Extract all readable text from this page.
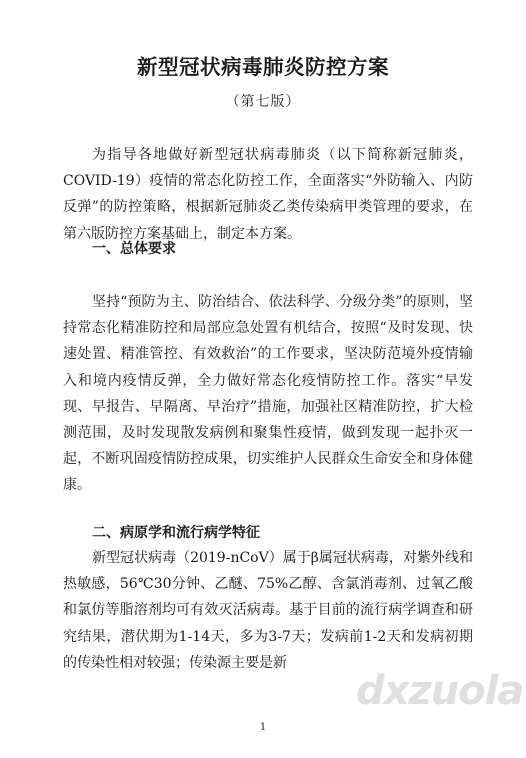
新型冠状病毒肺炎防控方案

（第七版）

为指导各地做好新型冠状病毒肺炎（以下简称新冠肺炎，COVID-19）疫情的常态化防控工作，全面落实“外防输入、内防反弹”的防控策略，根据新冠肺炎乙类传染病甲类管理的要求，在第六版防控方案基础上，制定本方案。

一、总体要求

坚持“预防为主、防治结合、依法科学、分级分类”的原则，坚持常态化精准防控和局部应急处置有机结合，按照“及时发现、快速处置、精准管控、有效救治”的工作要求，坚决防范境外疫情输入和境内疫情反弹，全力做好常态化疫情防控工作。落实“早发现、早报告、早隔离、早治疗”措施，加强社区精准防控，扩大检测范围，及时发现散发病例和聚集性疫情，做到发现一起扑灭一起，不断巩固疫情防控成果，切实维护人民群众生命安全和身体健康。

二、病原学和流行病学特征

新型冠状病毒（2019-nCoV）属于β属冠状病毒，对紫外线和热敏感，56℃30分钟、乙醚、75%乙醇、含氯消毒剂、过氧乙酸和氯仿等脂溶剂均可有效灭活病毒。基于目前的流行病学调查和研究结果，潜伏期为1-14天，多为3-7天；发病前1-2天和发病初期的传染性相对较强；传染源主要是新

1
dxzuola
